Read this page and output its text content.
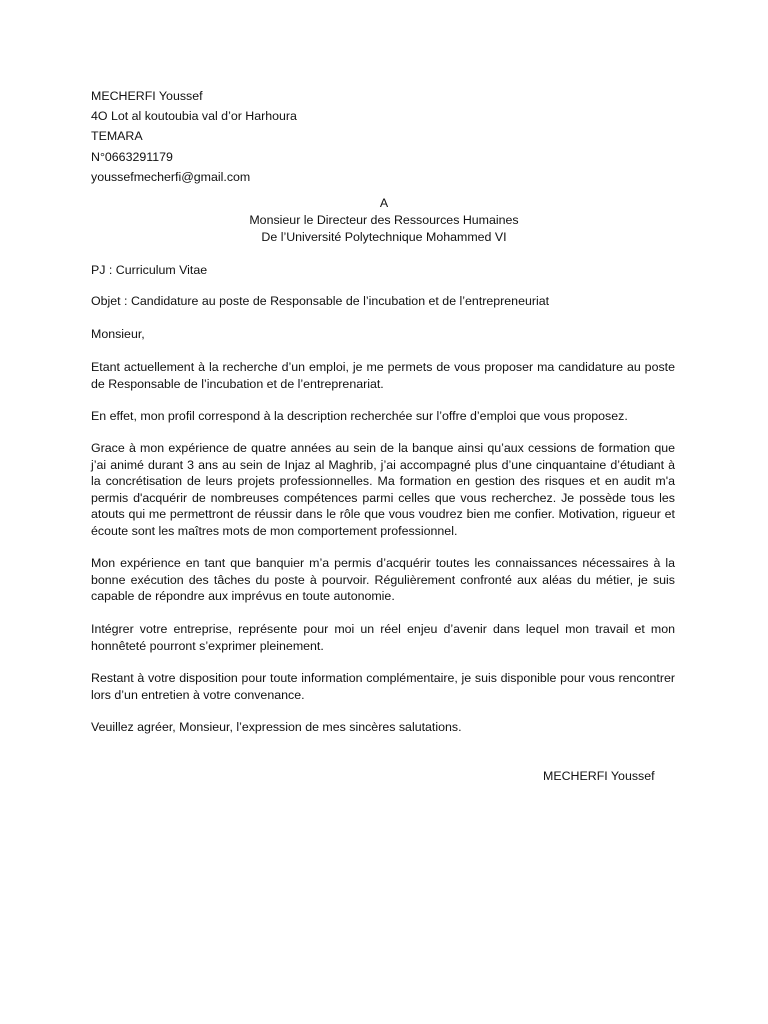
MECHERFI Youssef
4O Lot al koutoubia val d’or Harhoura
TEMARA
N°0663291179
youssefmecherfi@gmail.com
A
Monsieur le Directeur des Ressources Humaines
De l’Université Polytechnique Mohammed VI
PJ : Curriculum Vitae
Objet : Candidature au poste de Responsable de l’incubation et de l’entrepreneuriat
Monsieur,
Etant actuellement à la recherche d’un emploi, je me permets de vous proposer ma candidature au poste de Responsable de l’incubation et de l’entreprenariat.
En effet, mon profil correspond à la description recherchée sur l’offre d’emploi que vous proposez.
Grace à mon expérience de quatre années au sein de la banque ainsi qu’aux cessions de formation que j’ai animé durant 3 ans au sein de Injaz al Maghrib, j’ai accompagné plus d’une cinquantaine d’étudiant à la concrétisation de leurs projets professionnelles. Ma formation en gestion des risques et en audit m'a permis d'acquérir de nombreuses compétences parmi celles que vous recherchez. Je possède tous les atouts qui me permettront de réussir dans le rôle que vous voudrez bien me confier. Motivation, rigueur et écoute sont les maîtres mots de mon comportement professionnel.
Mon expérience en tant que banquier m’a permis d’acquérir toutes les connaissances nécessaires à la bonne exécution des tâches du poste à pourvoir. Régulièrement confronté aux aléas du métier, je suis capable de répondre aux imprévus en toute autonomie.
Intégrer votre entreprise, représente pour moi un réel enjeu d’avenir dans lequel mon travail et mon honnêteté pourront s’exprimer pleinement.
Restant à votre disposition pour toute information complémentaire, je suis disponible pour vous rencontrer lors d’un entretien à votre convenance.
Veuillez agréer, Monsieur, l’expression de mes sincères salutations.
MECHERFI Youssef
